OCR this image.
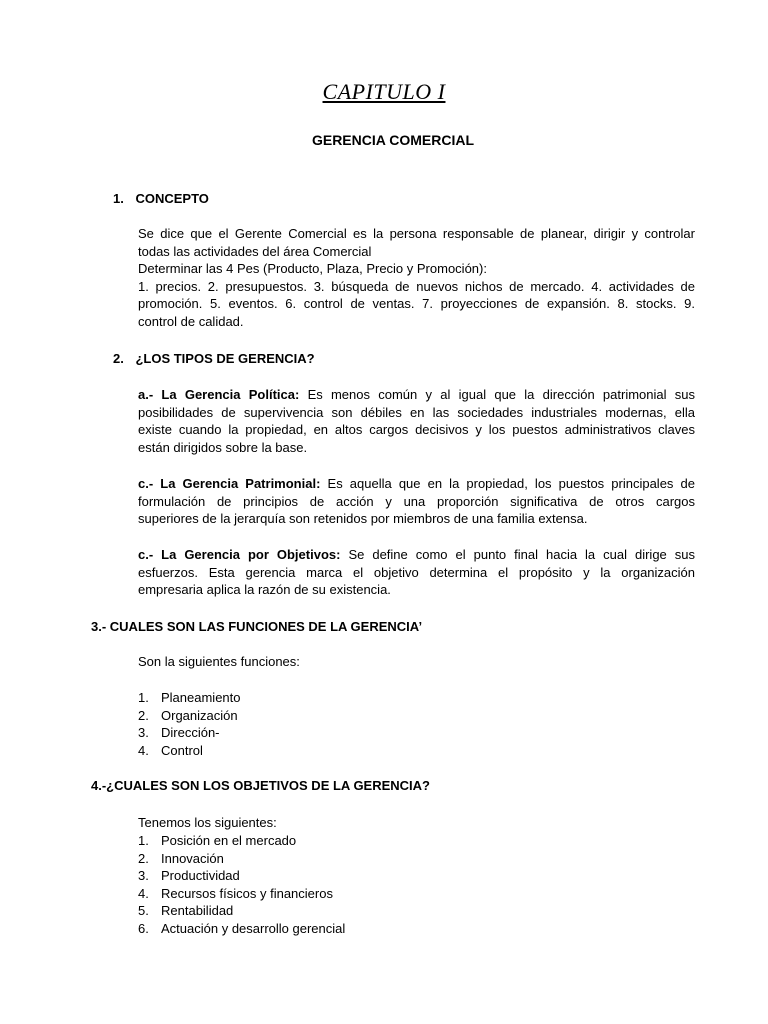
CAPITULO I
GERENCIA COMERCIAL
1. CONCEPTO
Se dice que el Gerente Comercial es la persona responsable de planear, dirigir y controlar
todas las actividades del área Comercial
Determinar las 4 Pes (Producto, Plaza, Precio y Promoción):
1. precios. 2. presupuestos. 3. búsqueda de nuevos nichos de mercado. 4. actividades de
promoción. 5. eventos. 6. control de ventas. 7. proyecciones de expansión. 8. stocks. 9.
control de calidad.
2. ¿LOS TIPOS DE GERENCIA?
a.- La Gerencia Política: Es menos común y al igual que la dirección patrimonial sus
posibilidades de supervivencia son débiles en las sociedades industriales modernas, ella
existe cuando la propiedad, en altos cargos decisivos y los puestos administrativos claves
están dirigidos sobre la base.
c.- La Gerencia Patrimonial: Es aquella que en la propiedad, los puestos principales de
formulación de principios de acción y una proporción significativa de otros cargos
superiores de la jerarquía son retenidos por miembros de una familia extensa.
c.- La Gerencia por Objetivos: Se define como el punto final hacia la cual dirige sus
esfuerzos. Esta gerencia marca el objetivo determina el propósito y la organización
empresaria aplica la razón de su existencia.
3.- CUALES SON LAS FUNCIONES DE LA GERENCIA’
Son la siguientes funciones:
1. Planeamiento
2. Organización
3. Dirección-
4. Control
4.-¿CUALES SON LOS OBJETIVOS DE LA GERENCIA?
Tenemos los siguientes:
1. Posición en el mercado
2. Innovación
3. Productividad
4. Recursos físicos y financieros
5. Rentabilidad
6. Actuación y desarrollo gerencial
